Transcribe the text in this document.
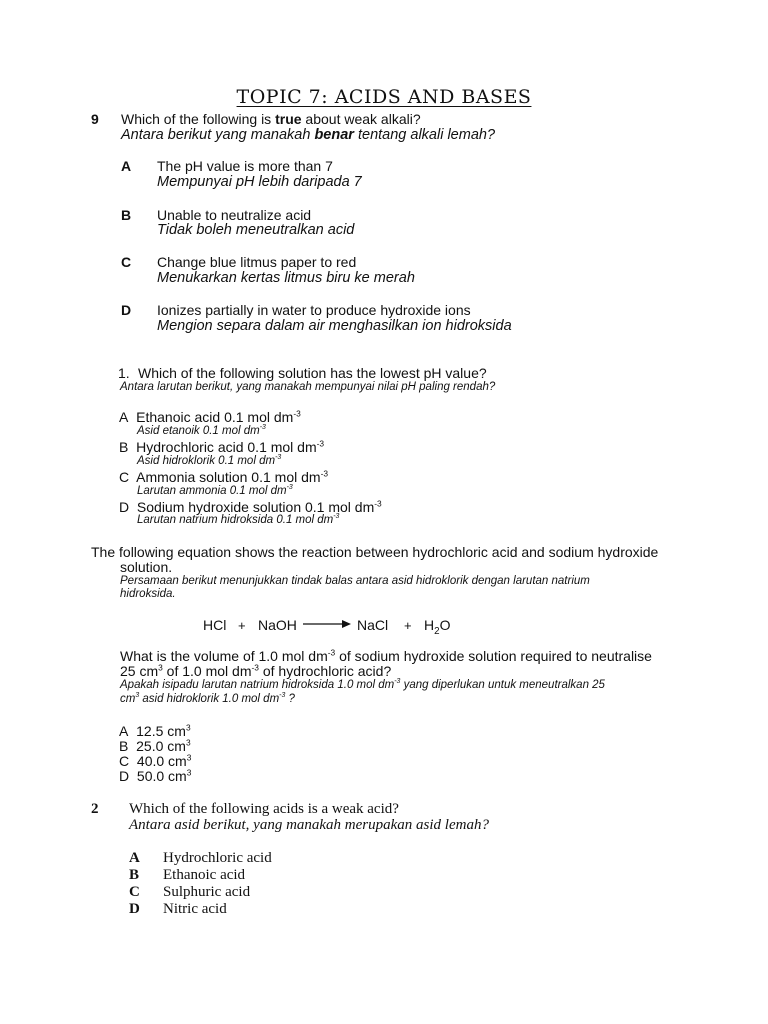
TOPIC 7: ACIDS AND BASES
9 Which of the following is true about weak alkali?
Antara berikut yang manakah benar tentang alkali lemah?
A The pH value is more than 7
Mempunyai pH lebih daripada 7
B Unable to neutralize acid
Tidak boleh meneutralkan acid
C Change blue litmus paper to red
Menukarkan kertas litmus biru ke merah
D Ionizes partially in water to produce hydroxide ions
Mengion separa dalam air menghasilkan ion hidroksida
1. Which of the following solution has the lowest pH value?
Antara larutan berikut, yang manakah mempunyai nilai pH paling rendah?
A Ethanoic acid 0.1 mol $dm^{-3}$
Asid etanoik 0.1 mol $dm^{-3}$
B Hydrochloric acid 0.1 mol $dm^{-3}$
Asid hidroklorik 0.1 mol $dm^{-3}$
C Ammonia solution 0.1 mol $dm^{-3}$
Larutan ammonia 0.1 mol $dm^{-3}$
D Sodium hydroxide solution 0.1 mol $dm^{-3}$
Larutan natrium hidroksida 0.1 mol $dm^{-3}$
The following equation shows the reaction between hydrochloric acid and sodium hydroxide
solution.
Persamaan berikut menunjukkan tindak balas antara asid hidroklorik dengan larutan natrium
hidroksida.
HCl + NaOH → NaCl + $H_2O$
What is the volume of 1.0 mol $dm^{-3}$ of sodium hydroxide solution required to neutralise
25 $cm^3$ of 1.0 mol $dm^{-3}$ of hydrochloric acid?
Apakah isipadu larutan natrium hidroksida 1.0 mol $dm^{-3}$ yang diperlukan untuk meneutralkan 25
$cm^3$ asid hidroklorik 1.0 mol $dm^{-3}$ ?
A 12.5 $cm^3$
B 25.0 $cm^3$
C 40.0 $cm^3$
D 50.0 $cm^3$
2 Which of the following acids is a weak acid?
Antara asid berikut, yang manakah merupakan asid lemah?
A Hydrochloric acid
B Ethanoic acid
C Sulphuric acid
D Nitric acid
